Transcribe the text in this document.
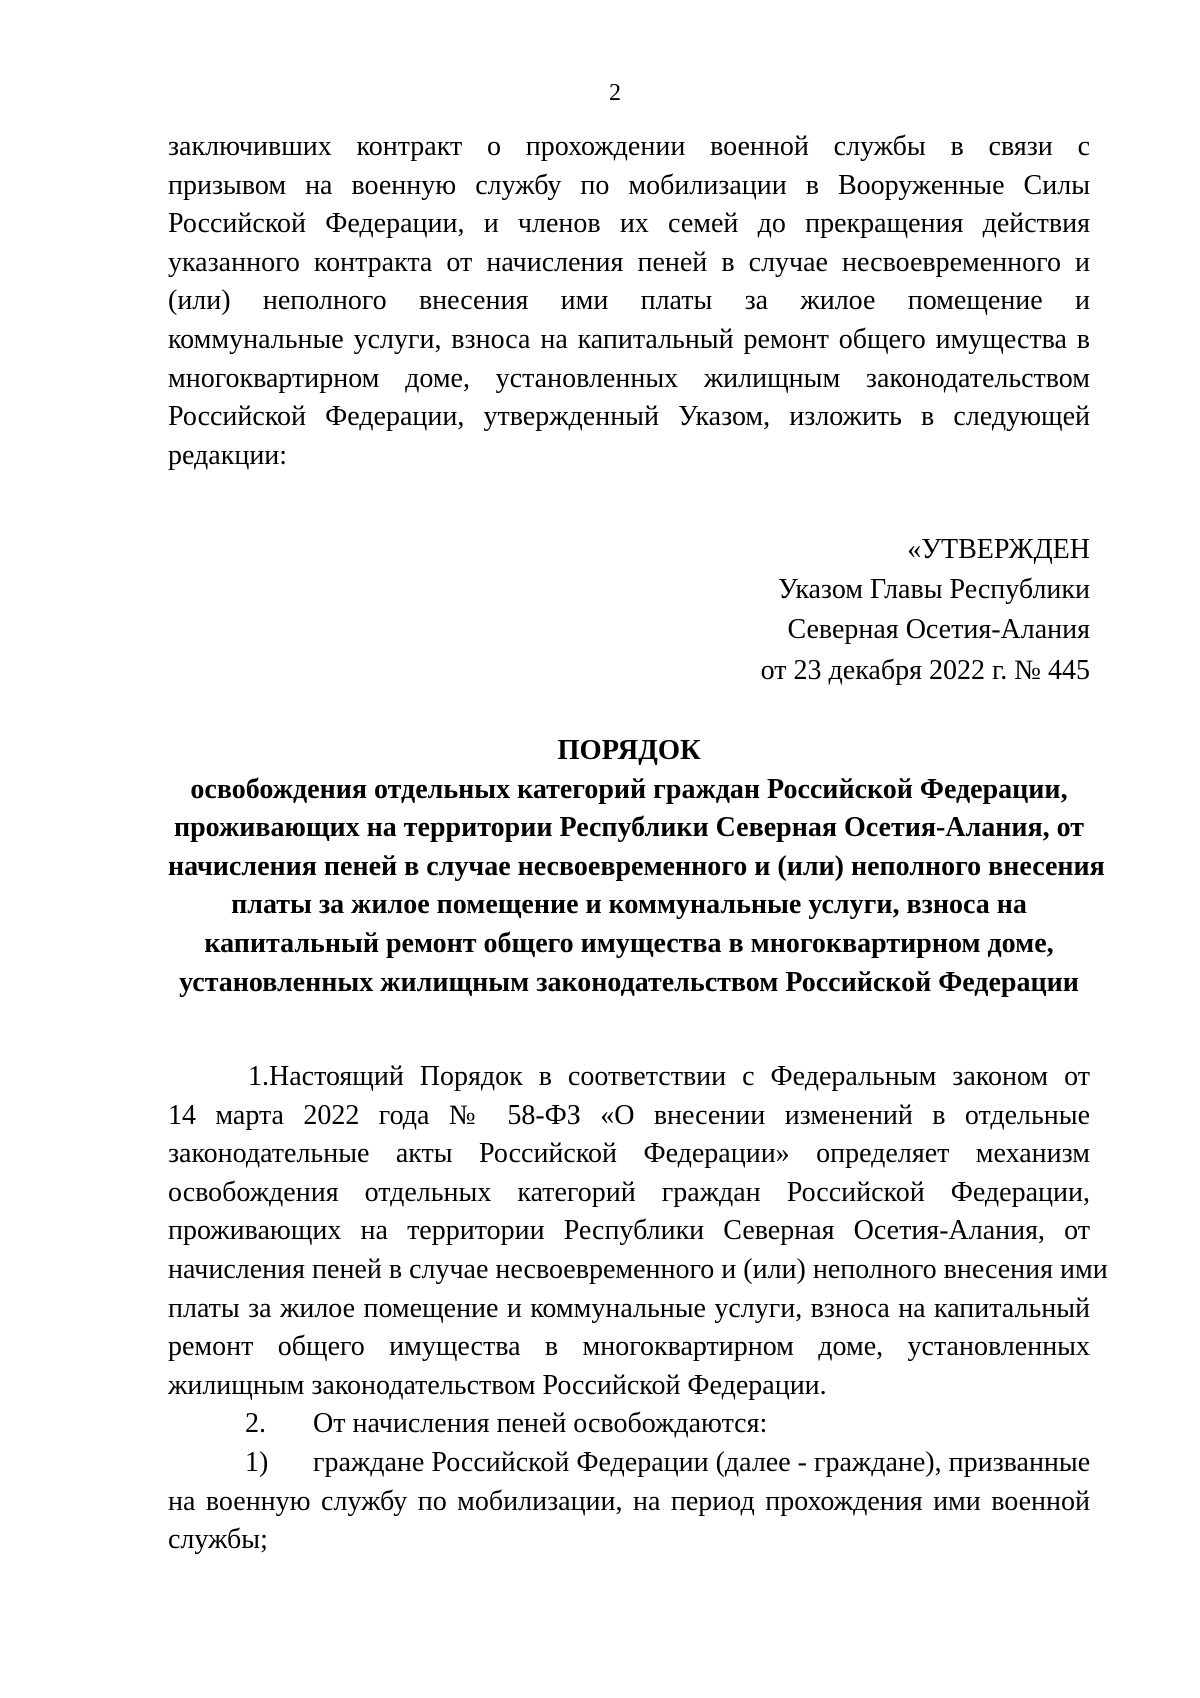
2
заключивших контракт о прохождении военной службы в связи с
призывом на военную службу по мобилизации в Вооруженные Силы
Российской Федерации, и членов их семей до прекращения действия
указанного контракта от начисления пеней в случае несвоевременного и
(или) неполного внесения ими платы за жилое помещение и
коммунальные услуги, взноса на капитальный ремонт общего имущества в
многоквартирном доме, установленных жилищным законодательством
Российской Федерации, утвержденный Указом, изложить в следующей
редакции:
«УТВЕРЖДЕН
Указом Главы Республики
Северная Осетия-Алания
от 23 декабря 2022 г. № 445
ПОРЯДОК
освобождения отдельных категорий граждан Российской Федерации,
проживающих на территории Республики Северная Осетия-Алания, от
начисления пеней в случае несвоевременного и (или) неполного внесения
платы за жилое помещение и коммунальные услуги, взноса на
капитальный ремонт общего имущества в многоквартирном доме,
установленных жилищным законодательством Российской Федерации
1.Настоящий Порядок в соответствии с Федеральным законом от
14 марта 2022 года № 58-ФЗ «О внесении изменений в отдельные
законодательные акты Российской Федерации» определяет механизм
освобождения отдельных категорий граждан Российской Федерации,
проживающих на территории Республики Северная Осетия-Алания, от
начисления пеней в случае несвоевременного и (или) неполного внесения ими
платы за жилое помещение и коммунальные услуги, взноса на капитальный
ремонт общего имущества в многоквартирном доме, установленных
жилищным законодательством Российской Федерации.
2.	От начисления пеней освобождаются:
1)	граждане Российской Федерации (далее - граждане), призванные
на военную службу по мобилизации, на период прохождения ими военной
службы;
